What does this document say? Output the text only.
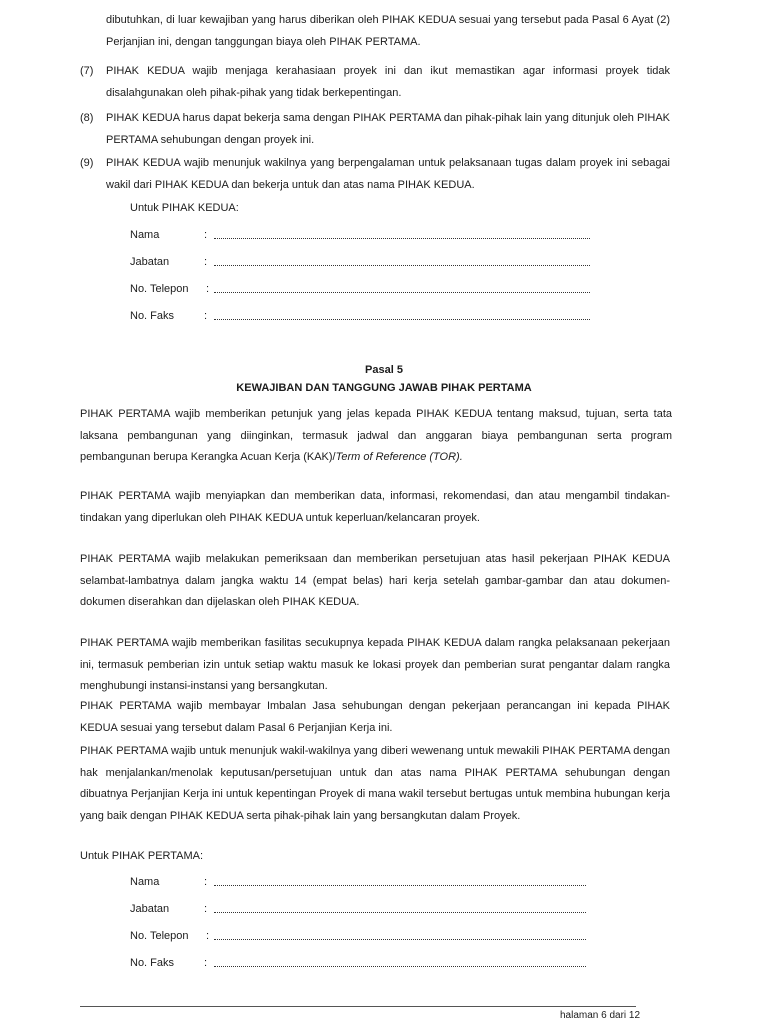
dibutuhkan, di luar kewajiban yang harus diberikan oleh PIHAK KEDUA sesuai yang tersebut pada Pasal 6 Ayat (2) Perjanjian ini, dengan tanggungan biaya oleh PIHAK PERTAMA.
(7) PIHAK KEDUA wajib menjaga kerahasiaan proyek ini dan ikut memastikan agar informasi proyek tidak disalahgunakan oleh pihak-pihak yang tidak berkepentingan.
(8) PIHAK KEDUA harus dapat bekerja sama dengan PIHAK PERTAMA dan pihak-pihak lain yang ditunjuk oleh PIHAK PERTAMA sehubungan dengan proyek ini.
(9) PIHAK KEDUA wajib menunjuk wakilnya yang berpengalaman untuk pelaksanaan tugas dalam proyek ini sebagai wakil dari PIHAK KEDUA dan bekerja untuk dan atas nama PIHAK KEDUA.
Untuk PIHAK KEDUA:
Nama	:
Jabatan	:
No. Telepon :
No. Faks	:
Pasal 5
KEWAJIBAN DAN TANGGUNG JAWAB PIHAK PERTAMA
PIHAK PERTAMA wajib memberikan petunjuk yang jelas kepada PIHAK KEDUA tentang maksud, tujuan, serta tata laksana pembangunan yang diinginkan, termasuk jadwal dan anggaran biaya pembangunan serta program pembangunan berupa Kerangka Acuan Kerja (KAK)/Term of Reference (TOR).
PIHAK PERTAMA wajib menyiapkan dan memberikan data, informasi, rekomendasi, dan atau mengambil tindakan-tindakan yang diperlukan oleh PIHAK KEDUA untuk keperluan/kelancaran proyek.
PIHAK PERTAMA wajib melakukan pemeriksaan dan memberikan persetujuan atas hasil pekerjaan PIHAK KEDUA selambat-lambatnya dalam jangka waktu 14 (empat belas) hari kerja setelah gambar-gambar dan atau dokumen-dokumen diserahkan dan dijelaskan oleh PIHAK KEDUA.
PIHAK PERTAMA wajib memberikan fasilitas secukupnya kepada PIHAK KEDUA dalam rangka pelaksanaan pekerjaan ini, termasuk pemberian izin untuk setiap waktu masuk ke lokasi proyek dan pemberian surat pengantar dalam rangka menghubungi instansi-instansi yang bersangkutan.
PIHAK PERTAMA wajib membayar Imbalan Jasa sehubungan dengan pekerjaan perancangan ini kepada PIHAK KEDUA sesuai yang tersebut dalam Pasal 6 Perjanjian Kerja ini.
PIHAK PERTAMA wajib untuk menunjuk wakil-wakilnya yang diberi wewenang untuk mewakili PIHAK PERTAMA dengan hak menjalankan/menolak keputusan/persetujuan untuk dan atas nama PIHAK PERTAMA sehubungan dengan dibuatnya Perjanjian Kerja ini untuk kepentingan Proyek di mana wakil tersebut bertugas untuk membina hubungan kerja yang baik dengan PIHAK KEDUA serta pihak-pihak lain yang bersangkutan dalam Proyek.
Untuk PIHAK PERTAMA:
Nama	:
Jabatan	:
No. Telepon :
No. Faks	:
halaman 6 dari 12
